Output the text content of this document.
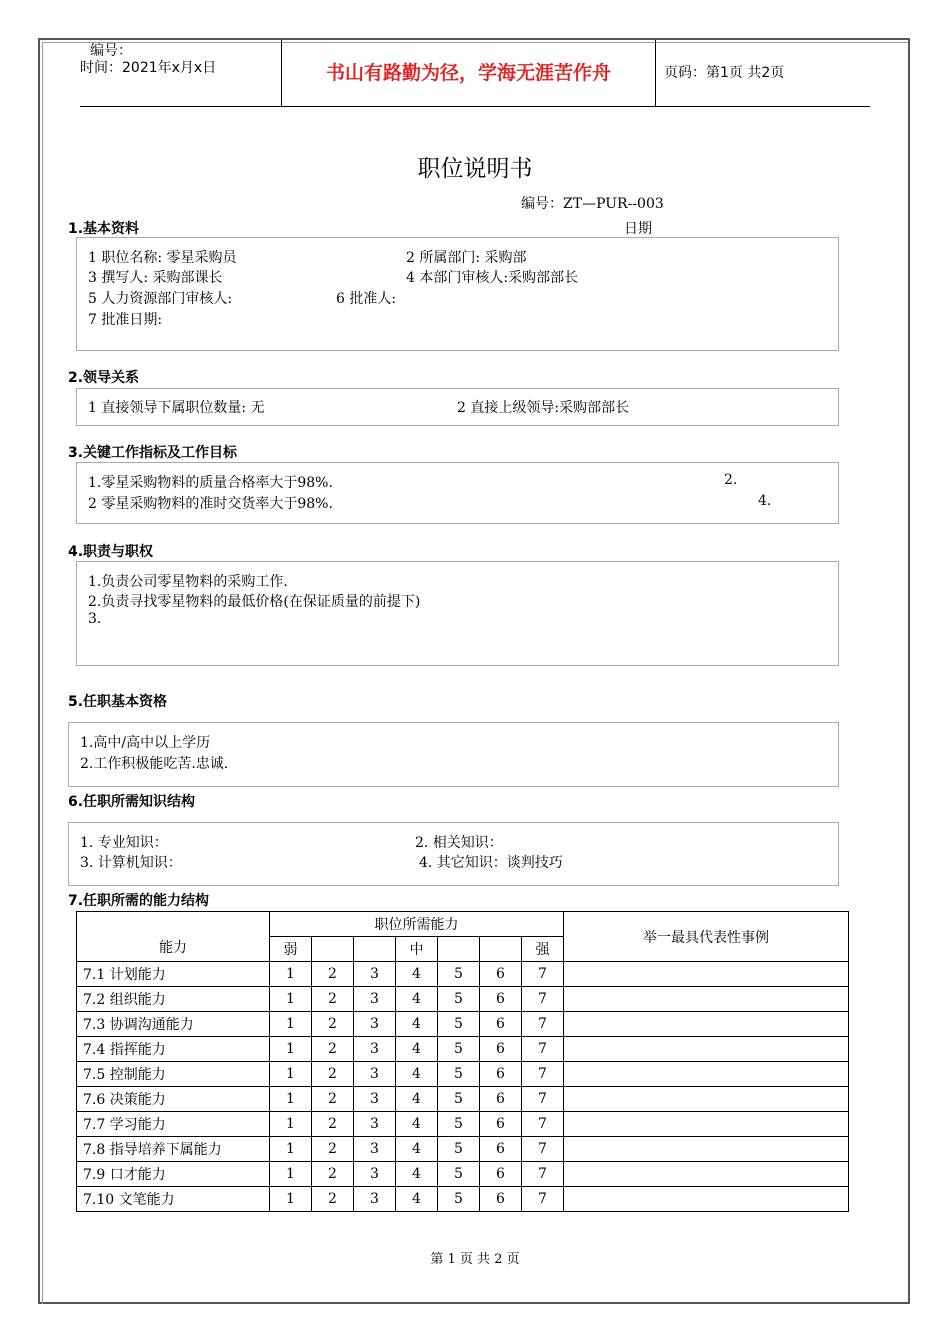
编号：
时间：2021年x月x日	书山有路勤为径，学海无涯苦作舟	页码：第1页 共2页
职位说明书
编号：ZT—PUR--003
1.基本资料	日期
1 职位名称: 零星采购员	2 所属部门: 采购部
3 撰写人: 采购部课长	4 本部门审核人:采购部部长
5 人力资源部门审核人:	6 批准人:
7 批准日期:
2.领导关系
1 直接领导下属职位数量: 无	2 直接上级领导:采购部部长
3.关键工作指标及工作目标
1.零星采购物料的质量合格率大于98%.	2.
2 零星采购物料的准时交货率大于98%.	4.
4.职责与职权
1.负责公司零星物料的采购工作.
2.负责寻找零星物料的最低价格(在保证质量的前提下)
3.
5.任职基本资格
1.高中/高中以上学历
2.工作积极能吃苦.忠诚.
6.任职所需知识结构
1. 专业知识：	2. 相关知识：
3. 计算机知识：	4. 其它知识：谈判技巧
7.任职所需的能力结构
能力	职位所需能力							举一最具代表性事例
	弱			中			强	
7.1 计划能力	1	2	3	4	5	6	7	
7.2 组织能力	1	2	3	4	5	6	7	
7.3 协调沟通能力	1	2	3	4	5	6	7	
7.4 指挥能力	1	2	3	4	5	6	7	
7.5 控制能力	1	2	3	4	5	6	7	
7.6 决策能力	1	2	3	4	5	6	7	
7.7 学习能力	1	2	3	4	5	6	7	
7.8 指导培养下属能力	1	2	3	4	5	6	7	
7.9 口才能力	1	2	3	4	5	6	7	
7.10 文笔能力	1	2	3	4	5	6	7	
第 1 页 共 2 页
